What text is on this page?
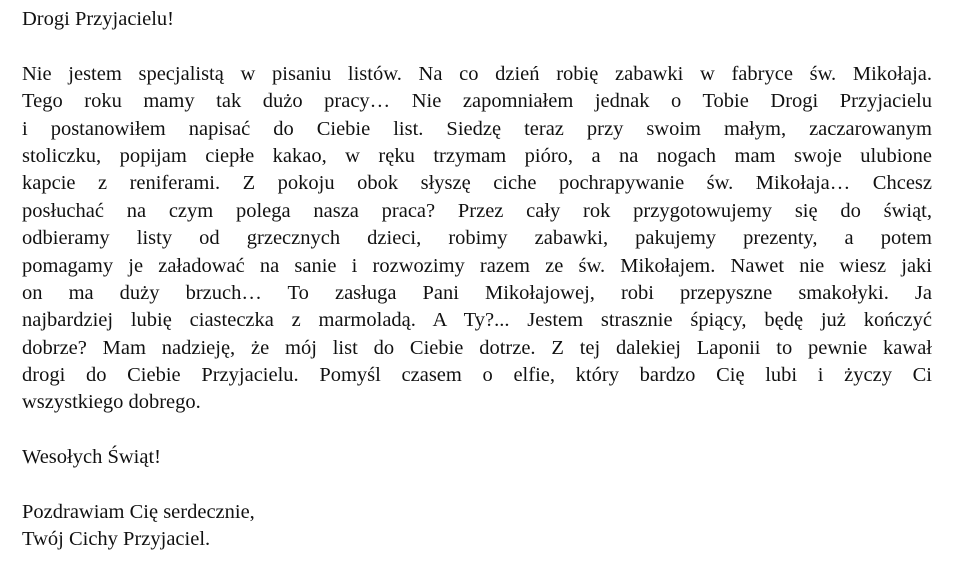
Drogi Przyjacielu!
Nie jestem specjalistą w pisaniu listów. Na co dzień robię zabawki w fabryce św. Mikołaja.
Tego roku mamy tak dużo pracy… Nie zapomniałem jednak o Tobie Drogi Przyjacielu
i postanowiłem napisać do Ciebie list. Siedzę teraz przy swoim małym, zaczarowanym
stoliczku, popijam ciepłe kakao, w ręku trzymam pióro, a na nogach mam swoje ulubione
kapcie z reniferami. Z pokoju obok słyszę ciche pochrapywanie św. Mikołaja… Chcesz
posłuchać na czym polega nasza praca? Przez cały rok przygotowujemy się do świąt,
odbieramy listy od grzecznych dzieci, robimy zabawki, pakujemy prezenty, a potem
pomagamy je załadować na sanie i rozwozimy razem ze św. Mikołajem. Nawet nie wiesz jaki
on ma duży brzuch… To zasługa Pani Mikołajowej, robi przepyszne smakołyki. Ja
najbardziej lubię ciasteczka z marmoladą. A Ty?... Jestem strasznie śpiący, będę już kończyć
dobrze? Mam nadzieję, że mój list do Ciebie dotrze. Z tej dalekiej Laponii to pewnie kawał
drogi do Ciebie Przyjacielu. Pomyśl czasem o elfie, który bardzo Cię lubi i życzy Ci
wszystkiego dobrego.
Wesołych Świąt!
Pozdrawiam Cię serdecznie,
Twój Cichy Przyjaciel.
